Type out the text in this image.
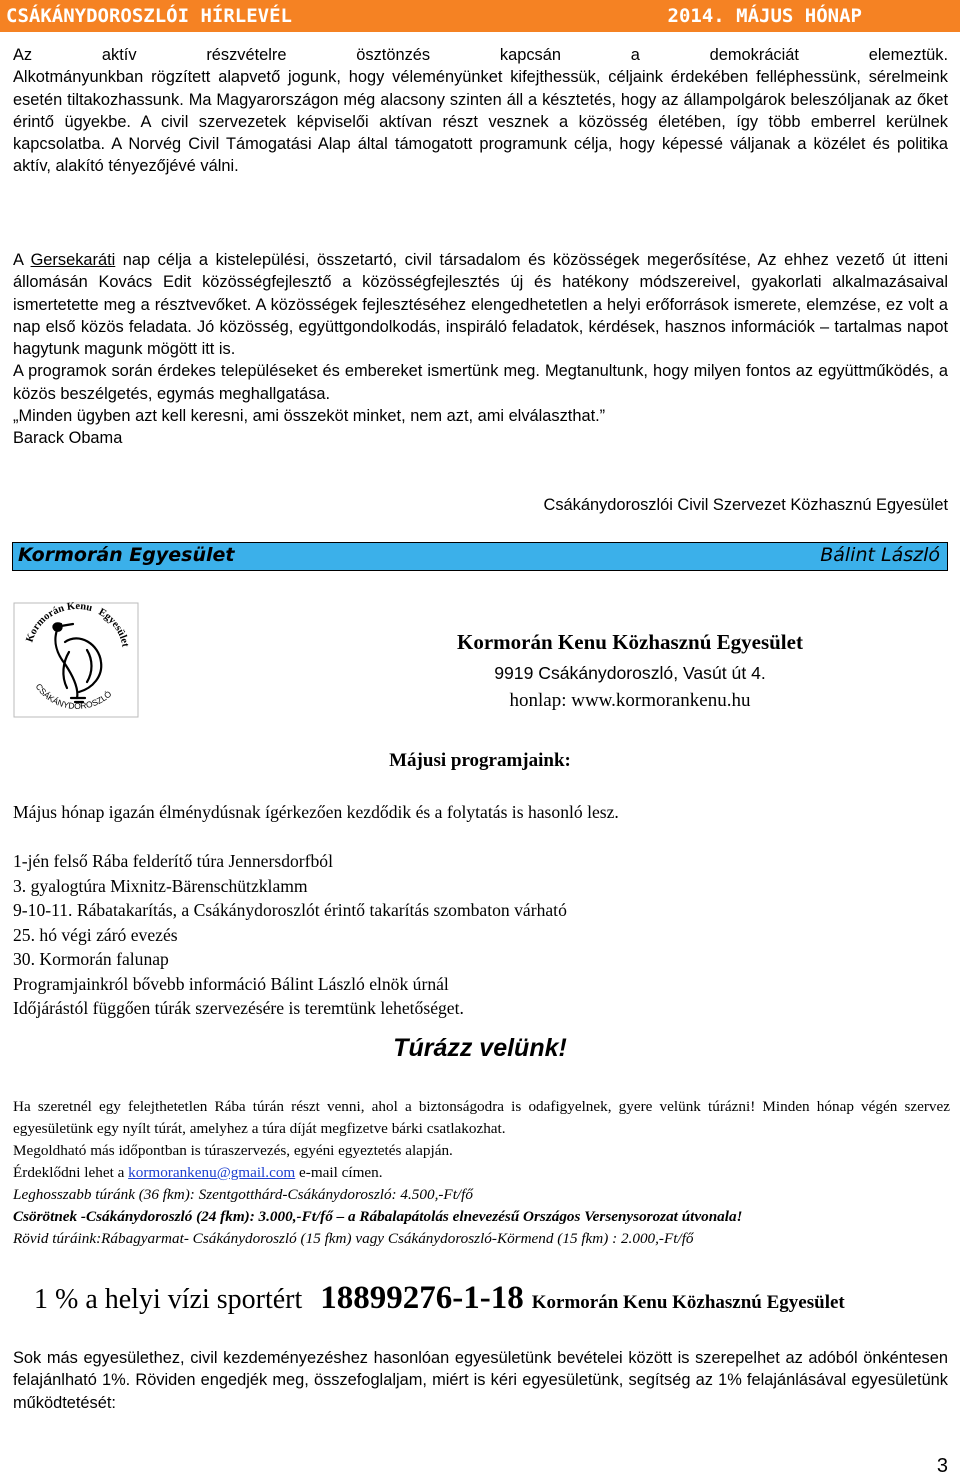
CSÁKÁNYDOROSZLÓI HÍRLEVÉL	2014. MÁJUS HÓNAP

Az aktív részvételre ösztönzés kapcsán a demokráciát elemeztük.

Alkotmányunkban rögzített alapvető jogunk, hogy véleményünket kifejthessük, céljaink érdekében felléphessünk, sérelmeink esetén tiltakozhassunk. Ma Magyarországon még alacsony szinten áll a késztetés, hogy az állampolgárok beleszóljanak az őket érintő ügyekbe. A civil szervezetek képviselői aktívan részt vesznek a közösség életében, így több emberrel kerülnek kapcsolatba. A Norvég Civil Támogatási Alap által támogatott programunk célja, hogy képessé váljanak a közélet és politika aktív, alakító tényezőjévé válni.

A Gersekaráti nap célja a kistelepülési, összetartó, civil társadalom és közösségek megerősítése, Az ehhez vezető út itteni állomásán Kovács Edit közösségfejlesztő a közösségfejlesztés új és hatékony módszereivel, gyakorlati alkalmazásaival ismertetette meg a résztvevőket. A közösségek fejlesztéséhez elengedhetetlen a helyi erőforrások ismerete, elemzése, ez volt a nap első közös feladata. Jó közösség, együttgondolkodás, inspiráló feladatok, kérdések, hasznos információk – tartalmas napot hagytunk magunk mögött itt is.

A programok során érdekes településeket és embereket ismertünk meg. Megtanultunk, hogy milyen fontos az együttműködés, a közös beszélgetés, egymás meghallgatása.

„Minden ügyben azt kell keresni, ami összeköt minket, nem azt, ami elválaszthat.”

Barack Obama

Csákánydoroszlói Civil Szervezet Közhasznú Egyesület
Kormorán Egyesület	Bálint László
Kormorán Kenu Egyesület
CSÁKÁNYDOROSZLÓ
Kormorán Kenu Közhasznú Egyesület
9919 Csákánydoroszló, Vasút út 4.
honlap: www.kormorankenu.hu
Májusi programjaink:
Május hónap igazán élménydúsnak ígérkezően kezdődik és a folytatás is hasonló lesz.
1-jén felső Rába felderítő túra Jennersdorfból
3. gyalogtúra Mixnitz-Bärenschützklamm
9-10-11. Rábatakarítás, a Csákánydoroszlót érintő takarítás szombaton várható
25. hó végi záró evezés
30. Kormorán falunap
Programjainkról bővebb információ Bálint László elnök úrnál
Időjárástól függően túrák szervezésére is teremtünk lehetőséget.
Túrázz velünk!

Ha szeretnél egy felejthetetlen Rába túrán részt venni, ahol a biztonságodra is odafigyelnek, gyere velünk túrázni! Minden hónap végén szervez egyesületünk egy nyílt túrát, amelyhez a túra díját megfizetve bárki csatlakozhat.

Megoldható más időpontban is túraszervezés, egyéni egyeztetés alapján.

Érdeklődni lehet a kormorankenu@gmail.com e-mail címen.

Leghosszabb túránk (36 fkm): Szentgotthárd-Csákánydoroszló: 4.500,-Ft/fő

Csörötnek -Csákánydoroszló (24 fkm): 3.000,-Ft/fő – a Rábalapátolás elnevezésű Országos Versenysorozat útvonala!

Rövid túráink:Rábagyarmat- Csákánydoroszló (15 fkm) vagy Csákánydoroszló-Körmend (15 fkm) : 2.000,-Ft/fő

1 % a helyi vízi sportért 18899276-1-18 Kormorán Kenu Közhasznú Egyesület

Sok más egyesülethez, civil kezdeményezéshez hasonlóan egyesületünk bevételei között is szerepelhet az adóból önkéntesen felajánlható 1%. Röviden engedjék meg, összefoglaljam, miért is kéri egyesületünk, segítség az 1% felajánlásával egyesületünk működtetését:

3
